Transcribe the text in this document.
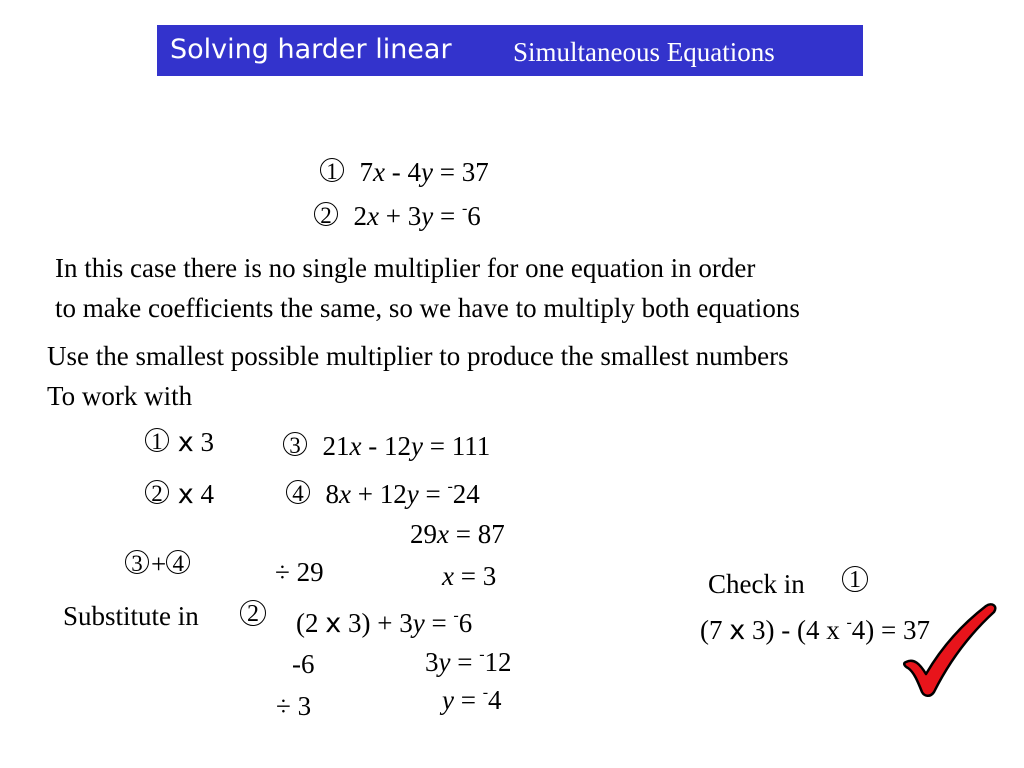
Solving harder linear Simultaneous Equations
1 7x - 4y = 37
2 2x + 3y = -6
In this case there is no single multiplier for one equation in order
to make coefficients the same, so we have to multiply both equations
Use the smallest possible multiplier to produce the smallest numbers
To work with
1 x 3
2 x 4
3 21x - 12y = 111
4 8x + 12y = -24
29x = 87
3 + 4	÷ 29	x = 3
Substitute in 2 (2 x 3) + 3y = -6
-6	3y = -12
÷ 3	y = -4
Check in 1
(7 x 3) - (4 x -4) = 37
